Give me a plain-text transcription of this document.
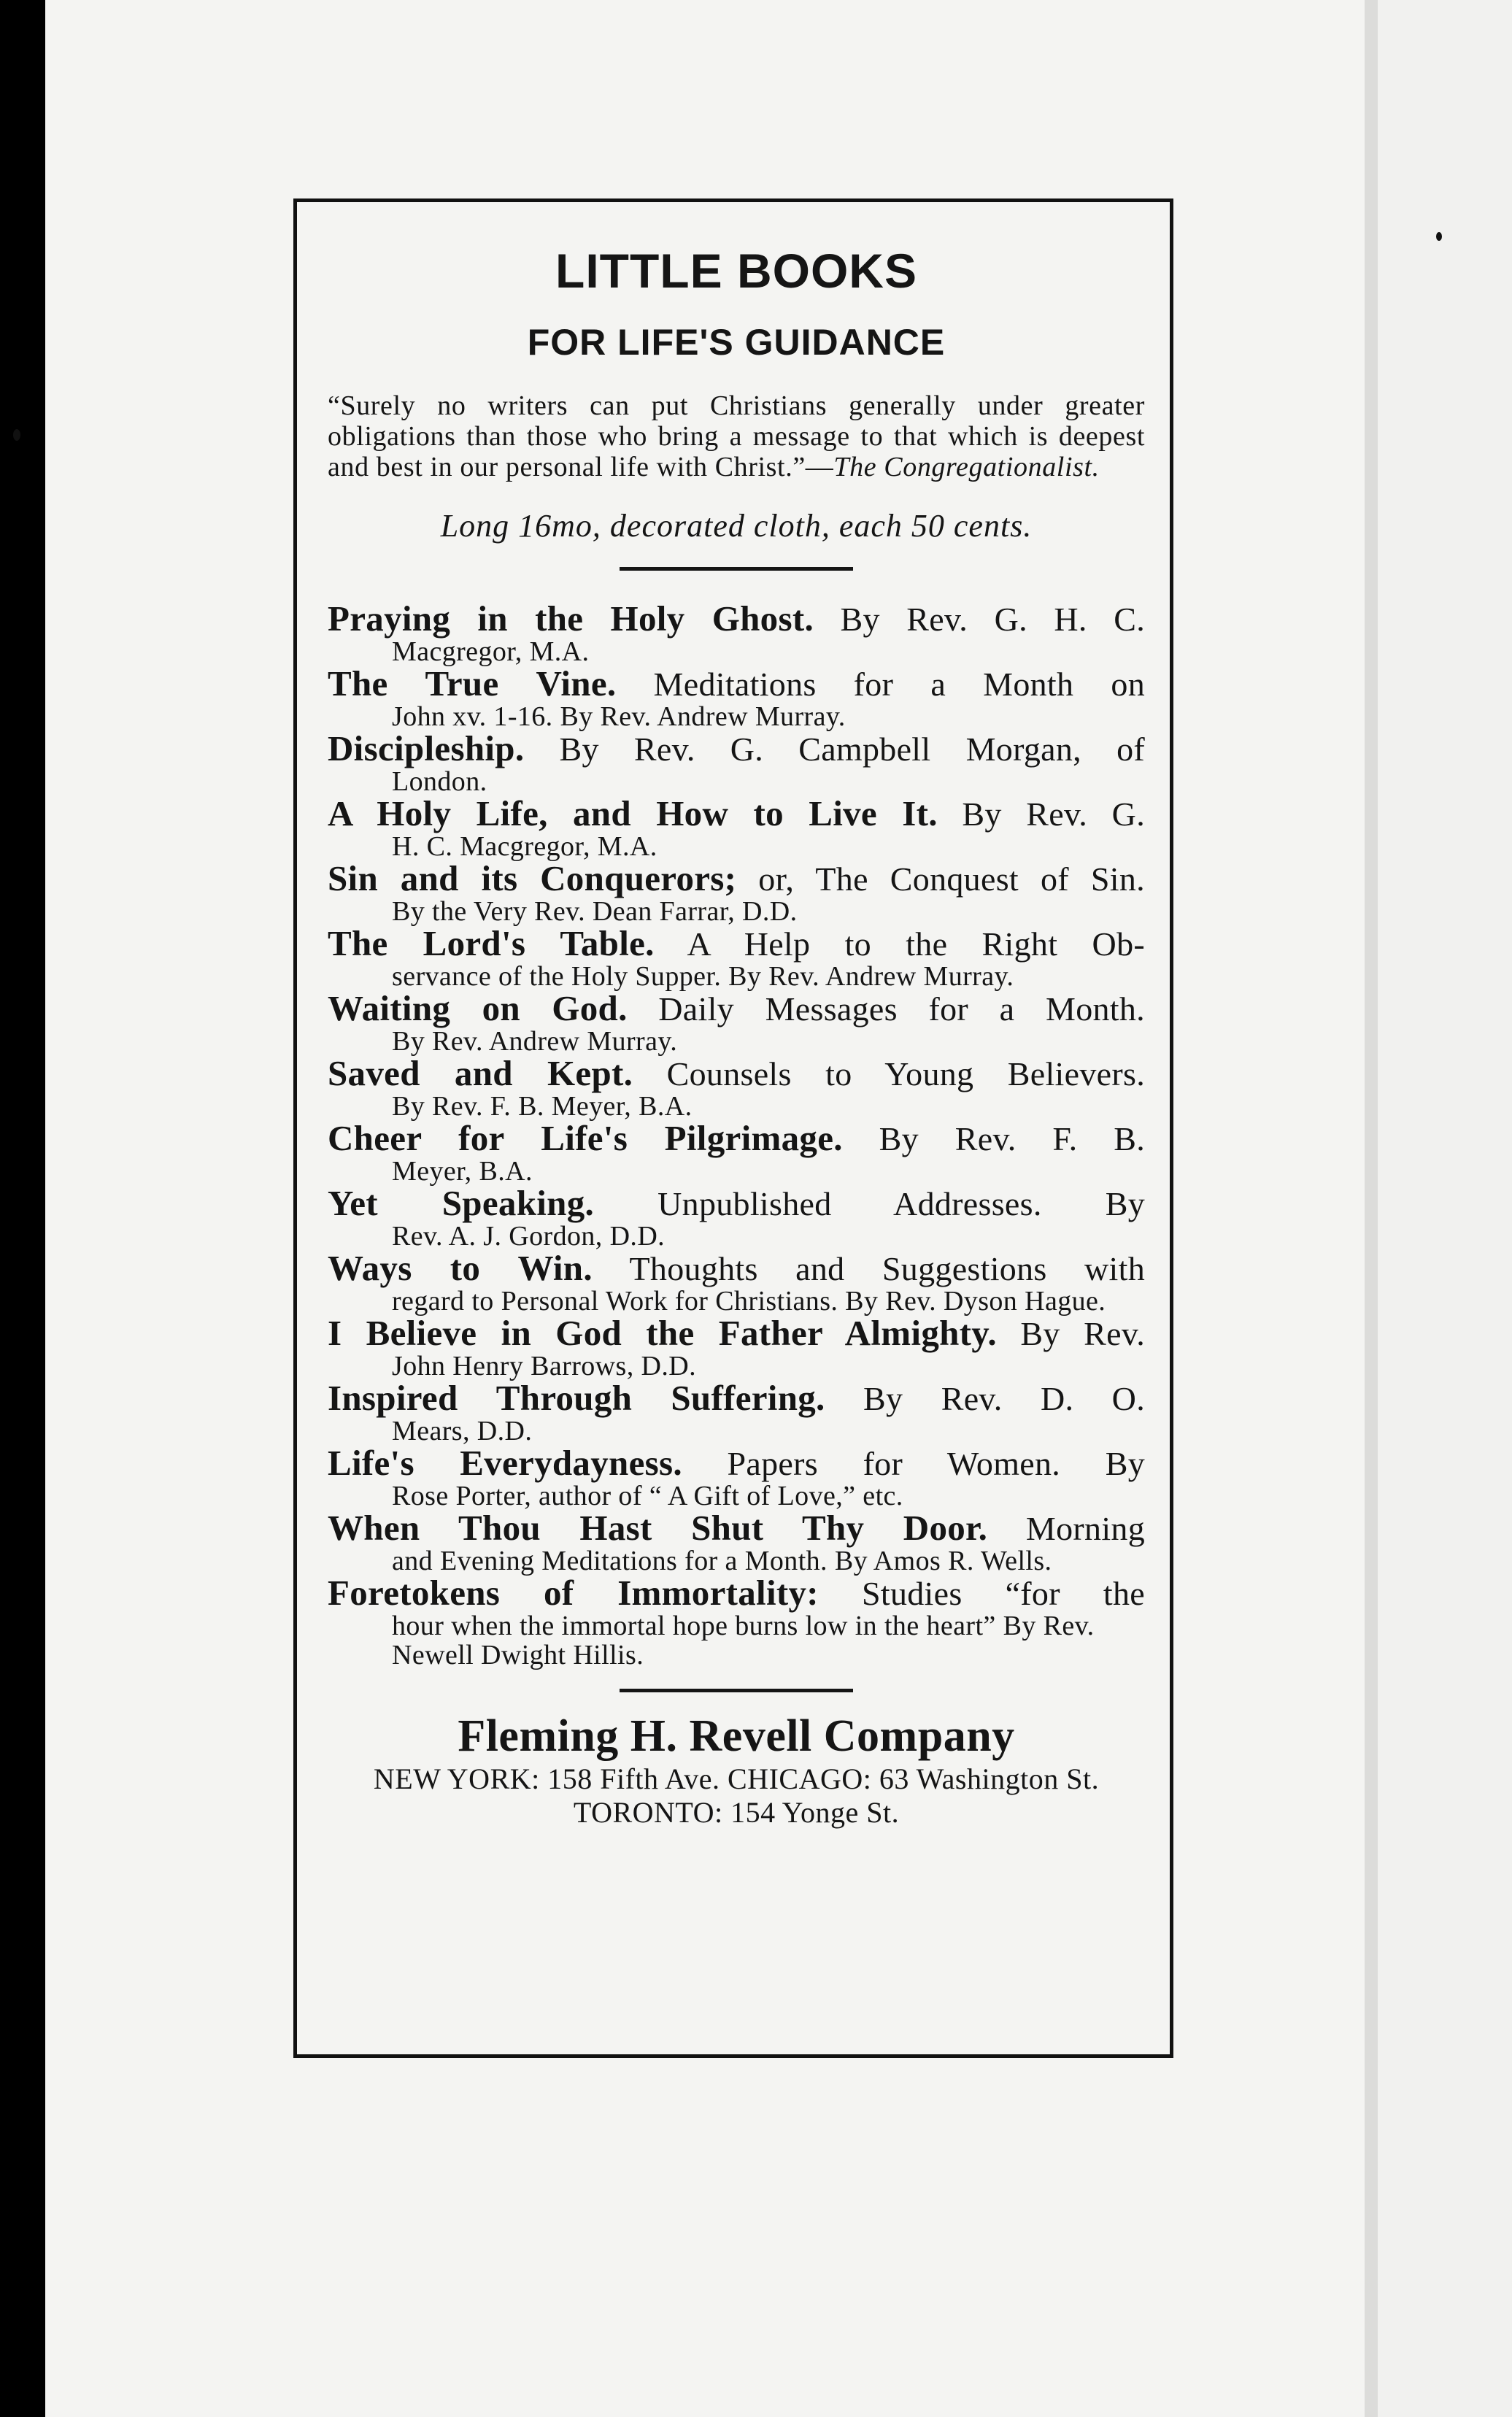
LITTLE BOOKS
FOR LIFE'S GUIDANCE
“Surely no writers can put Christians generally under greater obligations than those who bring a message to that which is deepest and best in our personal life with Christ.”—The Congregationalist.
Long 16mo, decorated cloth, each 50 cents.
Praying in the Holy Ghost. By Rev. G. H. C.
Macgregor, M.A.
The True Vine. Meditations for a Month on
John xv. 1-16. By Rev. Andrew Murray.
Discipleship. By Rev. G. Campbell Morgan, of
London.
A Holy Life, and How to Live It. By Rev. G.
H. C. Macgregor, M.A.
Sin and its Conquerors; or, The Conquest of Sin.
By the Very Rev. Dean Farrar, D.D.
The Lord's Table. A Help to the Right Ob-
servance of the Holy Supper. By Rev. Andrew Murray.
Waiting on God. Daily Messages for a Month.
By Rev. Andrew Murray.
Saved and Kept. Counsels to Young Believers.
By Rev. F. B. Meyer, B.A.
Cheer for Life's Pilgrimage. By Rev. F. B.
Meyer, B.A.
Yet Speaking. Unpublished Addresses. By
Rev. A. J. Gordon, D.D.
Ways to Win. Thoughts and Suggestions with
regard to Personal Work for Christians. By Rev. Dyson Hague.
I Believe in God the Father Almighty. By Rev.
John Henry Barrows, D.D.
Inspired Through Suffering. By Rev. D. O.
Mears, D.D.
Life's Everydayness. Papers for Women. By
Rose Porter, author of “ A Gift of Love,” etc.
When Thou Hast Shut Thy Door. Morning
and Evening Meditations for a Month. By Amos R. Wells.
Foretokens of Immortality: Studies “for the
hour when the immortal hope burns low in the heart” By Rev. Newell Dwight Hillis.
Fleming H. Revell Company
NEW YORK: 158 Fifth Ave. CHICAGO: 63 Washington St.
TORONTO: 154 Yonge St.
